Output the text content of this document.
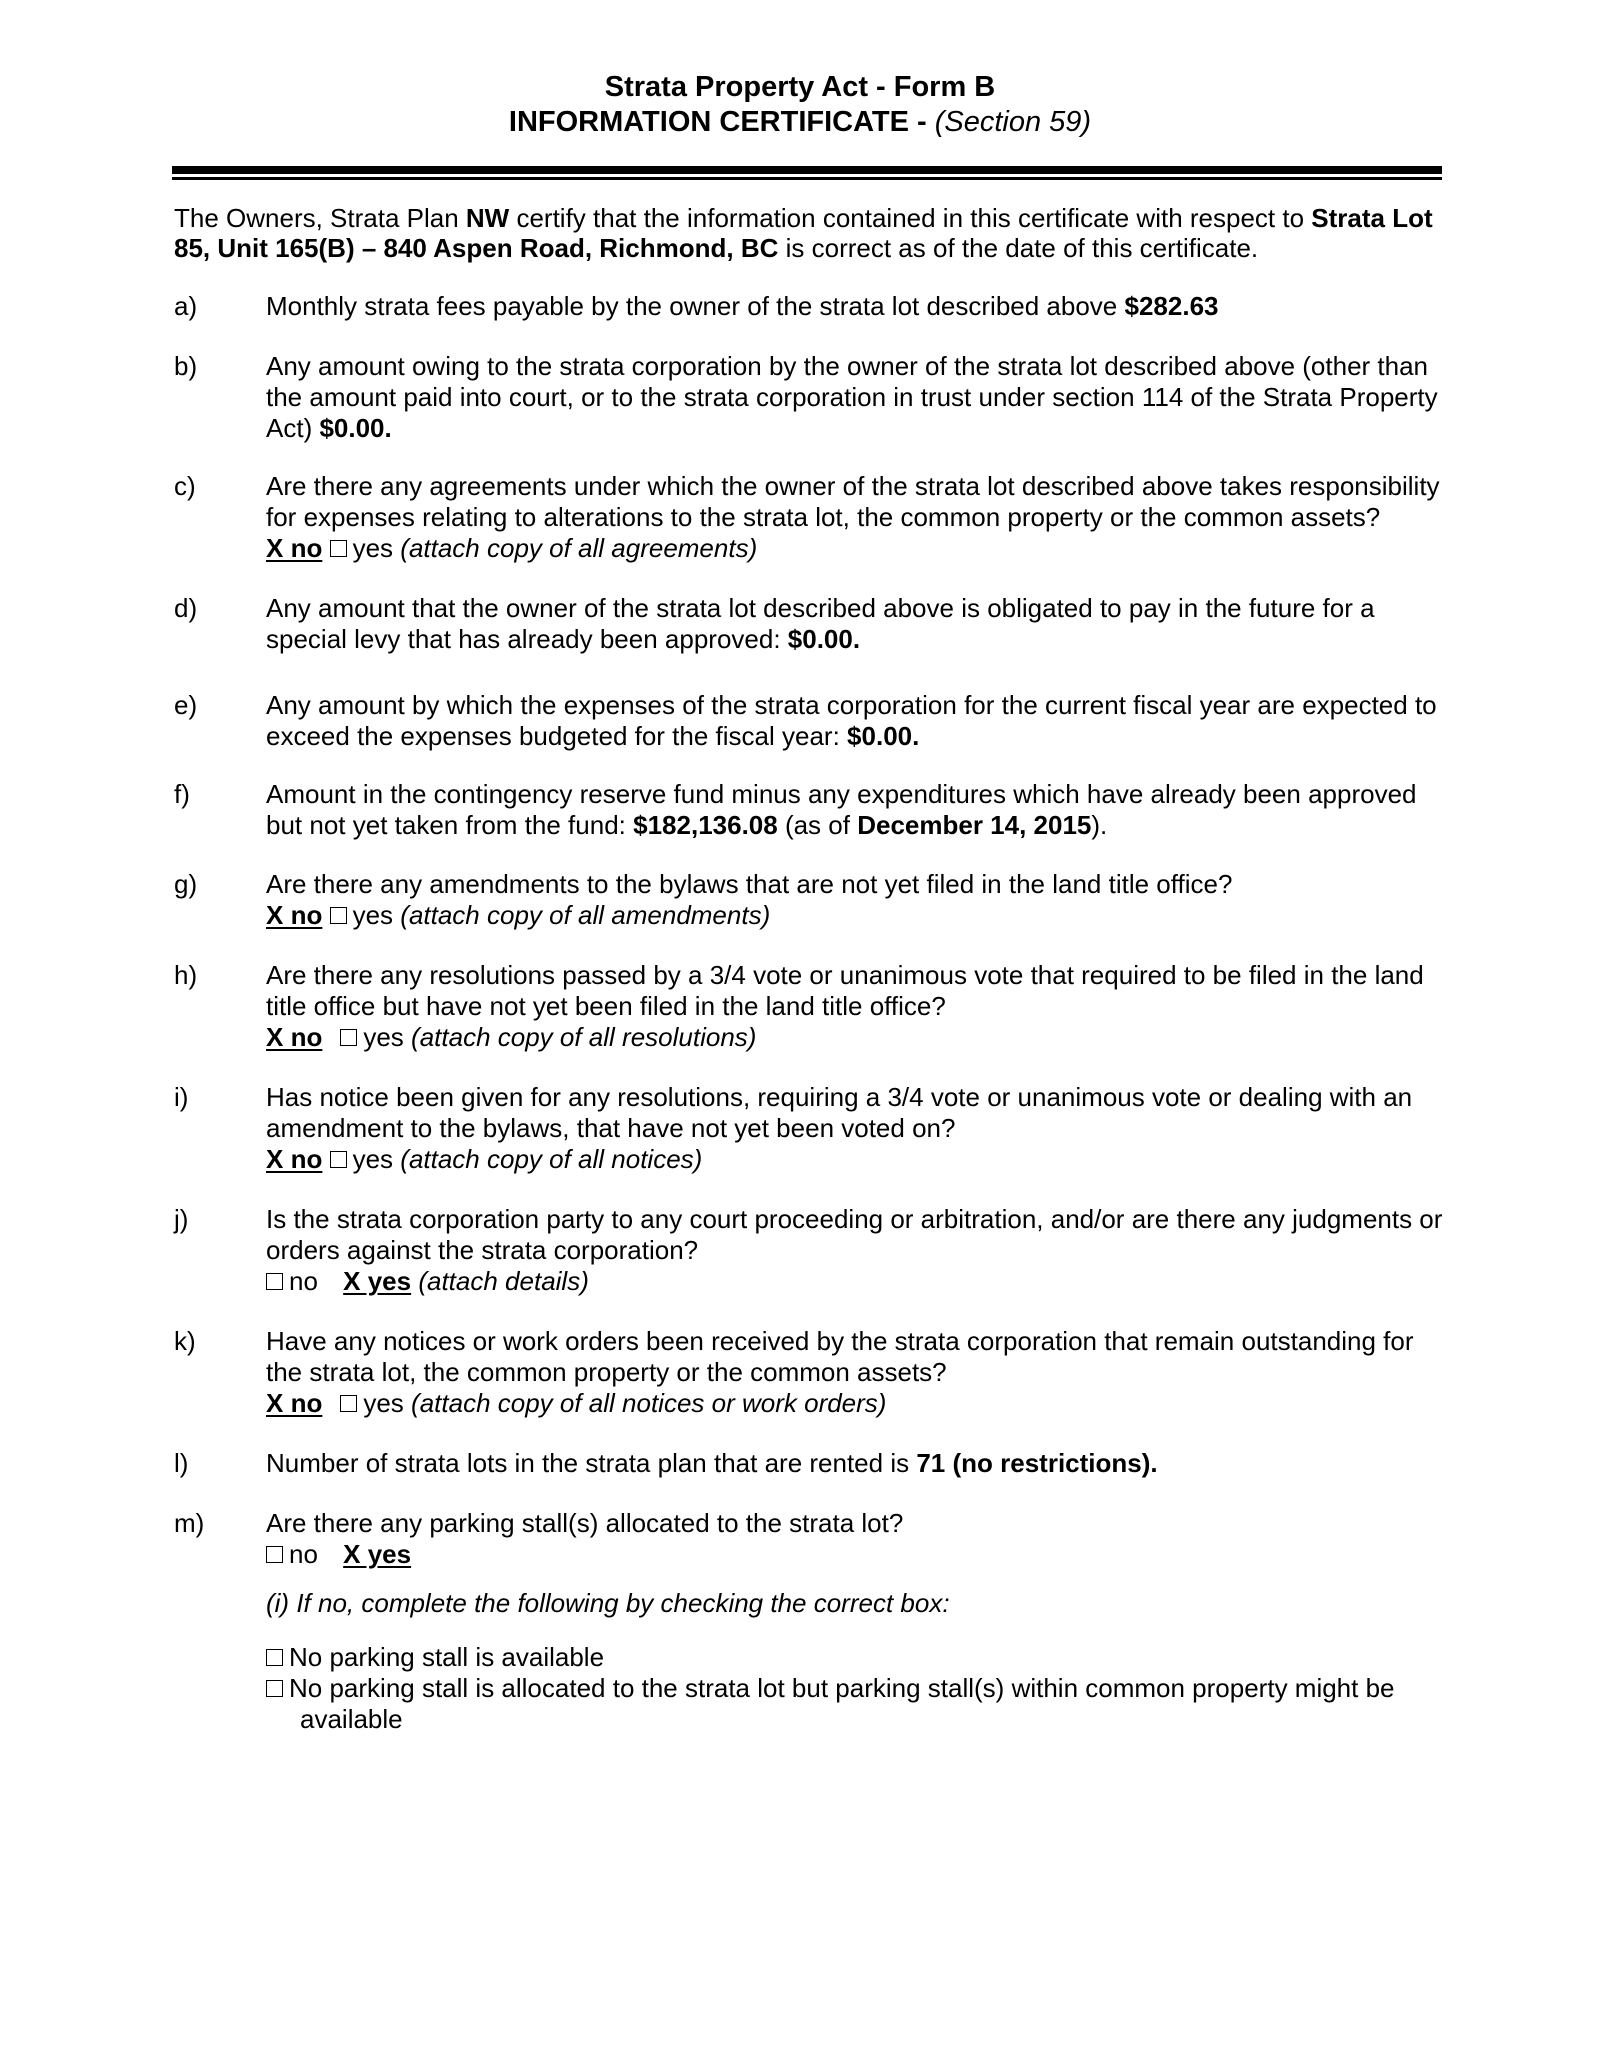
Strata Property Act - Form B
INFORMATION CERTIFICATE - (Section 59)
The Owners, Strata Plan NW certify that the information contained in this certificate with respect to Strata Lot 85, Unit 165(B) – 840 Aspen Road, Richmond, BC is correct as of the date of this certificate.
a)	Monthly strata fees payable by the owner of the strata lot described above $282.63
b)	Any amount owing to the strata corporation by the owner of the strata lot described above (other than the amount paid into court, or to the strata corporation in trust under section 114 of the Strata Property Act) $0.00.
c)	Are there any agreements under which the owner of the strata lot described above takes responsibility for expenses relating to alterations to the strata lot, the common property or the common assets?
X no yes (attach copy of all agreements)
d)	Any amount that the owner of the strata lot described above is obligated to pay in the future for a special levy that has already been approved: $0.00.
e)	Any amount by which the expenses of the strata corporation for the current fiscal year are expected to exceed the expenses budgeted for the fiscal year: $0.00.
f)	Amount in the contingency reserve fund minus any expenditures which have already been approved but not yet taken from the fund: $182,136.08 (as of December 14, 2015).
g)	Are there any amendments to the bylaws that are not yet filed in the land title office?
X no yes (attach copy of all amendments)
h)	Are there any resolutions passed by a 3/4 vote or unanimous vote that required to be filed in the land title office but have not yet been filed in the land title office?
X no yes (attach copy of all resolutions)
i)	Has notice been given for any resolutions, requiring a 3/4 vote or unanimous vote or dealing with an amendment to the bylaws, that have not yet been voted on?
X no yes (attach copy of all notices)
j)	Is the strata corporation party to any court proceeding or arbitration, and/or are there any judgments or orders against the strata corporation?
no X yes (attach details)
k)	Have any notices or work orders been received by the strata corporation that remain outstanding for the strata lot, the common property or the common assets?
X no yes (attach copy of all notices or work orders)
l)	Number of strata lots in the strata plan that are rented is 71 (no restrictions).
m)	Are there any parking stall(s) allocated to the strata lot?
no X yes
(i) If no, complete the following by checking the correct box:
No parking stall is available
No parking stall is allocated to the strata lot but parking stall(s) within common property might be available
